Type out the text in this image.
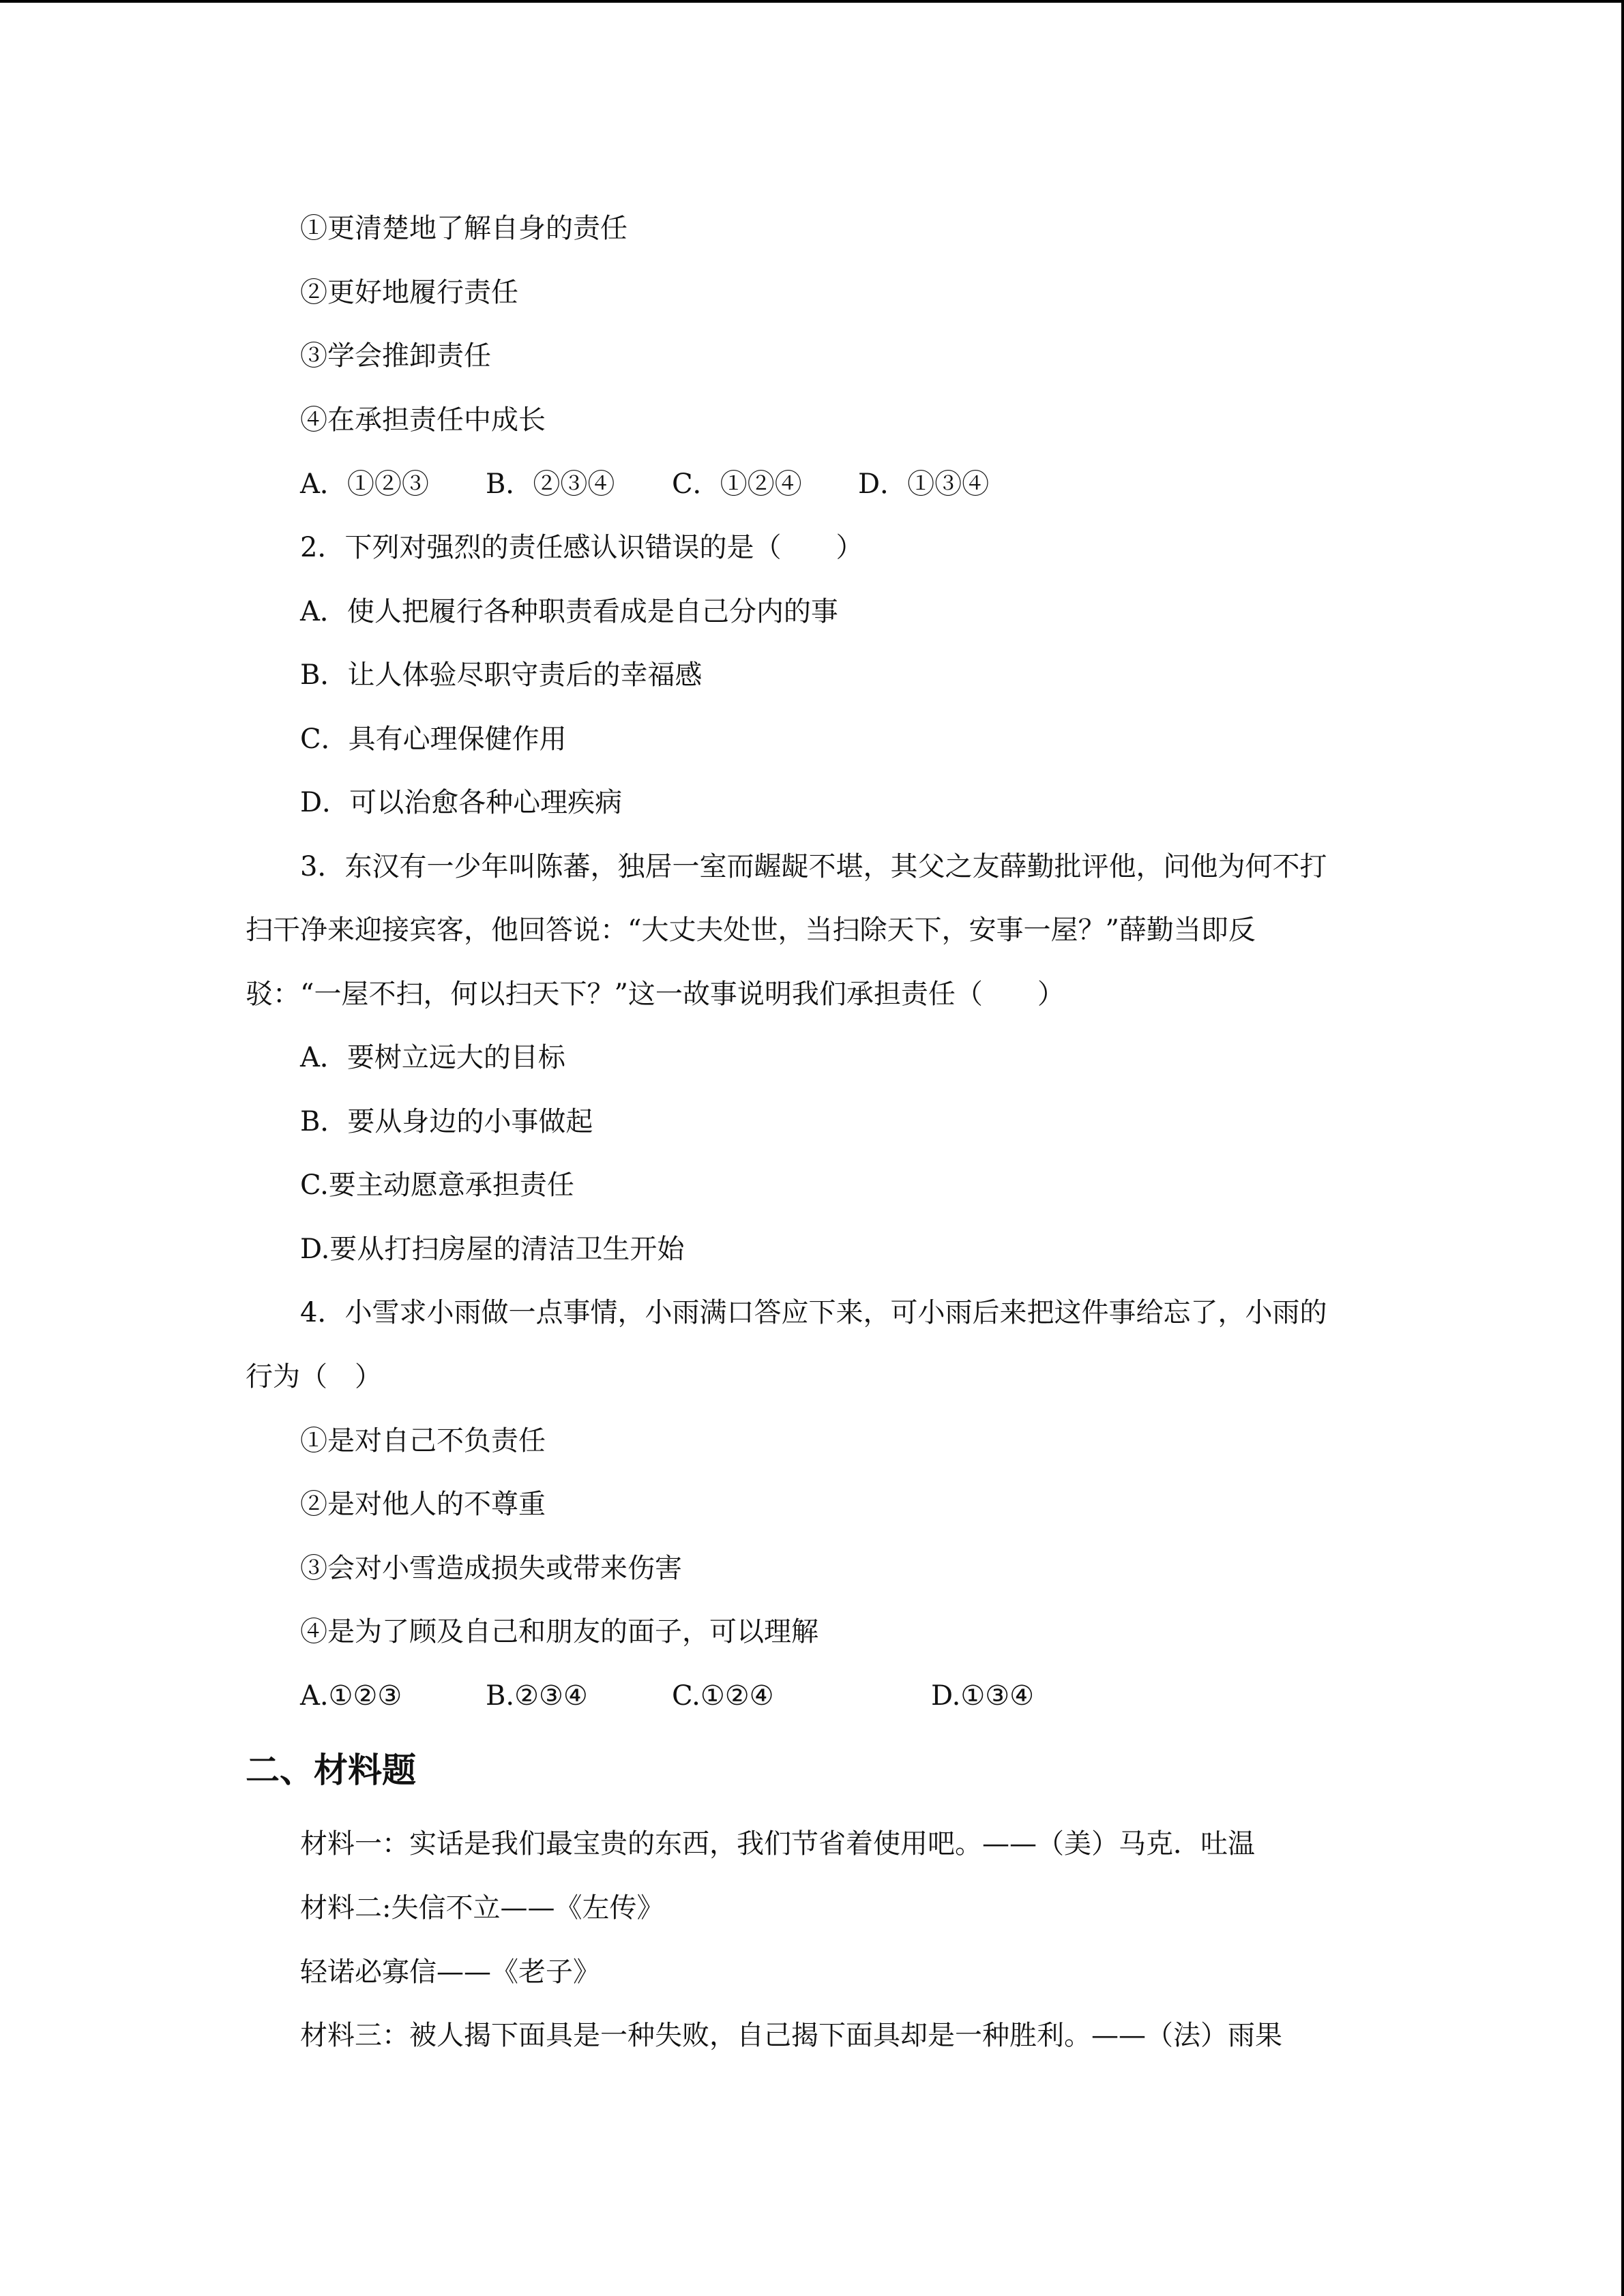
①更清楚地了解自身的责任
②更好地履行责任
③学会推卸责任
④在承担责任中成长
A．①②③ B．②③④ C．①②④ D．①③④
2．下列对强烈的责任感认识错误的是（　　）
A．使人把履行各种职责看成是自己分内的事
B．让人体验尽职守责后的幸福感
C．具有心理保健作用
D．可以治愈各种心理疾病
3．东汉有一少年叫陈蕃，独居一室而龌龊不堪，其父之友薛勤批评他，问他为何不打
扫干净来迎接宾客，他回答说：“大丈夫处世，当扫除天下，安事一屋？”薛勤当即反
驳：“一屋不扫，何以扫天下？”这一故事说明我们承担责任（　　）
A．要树立远大的目标
B．要从身边的小事做起
C.要主动愿意承担责任
D.要从打扫房屋的清洁卫生开始
4．小雪求小雨做一点事情，小雨满口答应下来，可小雨后来把这件事给忘了，小雨的
行为（　）
①是对自己不负责任
②是对他人的不尊重
③会对小雪造成损失或带来伤害
④是为了顾及自己和朋友的面子，可以理解
A.①②③	B.②③④	C.①②④	D.①③④
二、材料题
材料一：实话是我们最宝贵的东西，我们节省着使用吧。——（美）马克．吐温
材料二:失信不立——《左传》
轻诺必寡信——《老子》
材料三：被人揭下面具是一种失败，自己揭下面具却是一种胜利。——（法）雨果
